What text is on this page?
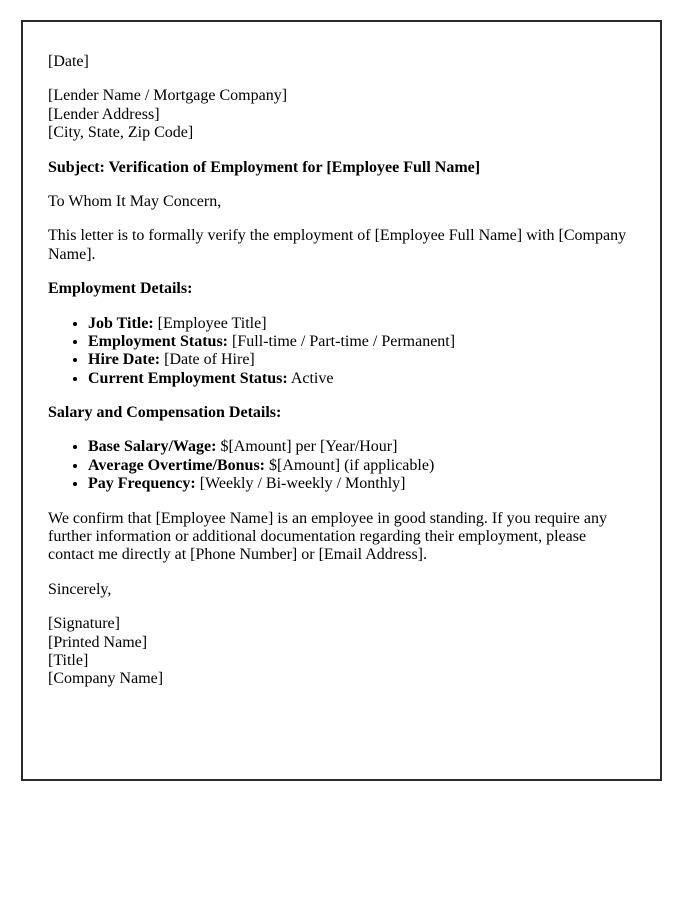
[Date]

[Lender Name / Mortgage Company]
[Lender Address]
[City, State, Zip Code]

Subject: Verification of Employment for [Employee Full Name]

To Whom It May Concern,

This letter is to formally verify the employment of [Employee Full Name] with [Company Name].

Employment Details:

• Job Title: [Employee Title]
• Employment Status: [Full-time / Part-time / Permanent]
• Hire Date: [Date of Hire]
• Current Employment Status: Active

Salary and Compensation Details:

• Base Salary/Wage: $[Amount] per [Year/Hour]
• Average Overtime/Bonus: $[Amount] (if applicable)
• Pay Frequency: [Weekly / Bi-weekly / Monthly]

We confirm that [Employee Name] is an employee in good standing. If you require any further information or additional documentation regarding their employment, please contact me directly at [Phone Number] or [Email Address].

Sincerely,

[Signature]
[Printed Name]
[Title]
[Company Name]
